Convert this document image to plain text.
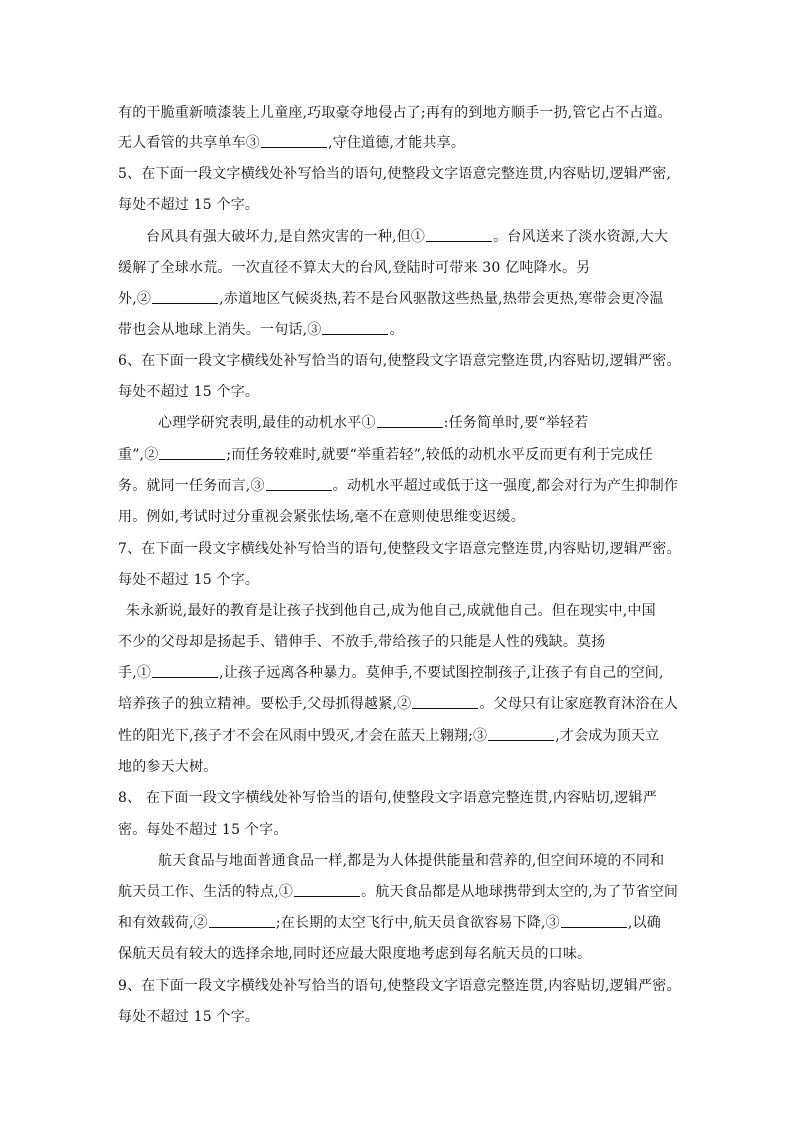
有的干脆重新喷漆装上儿童座,巧取豪夺地侵占了;再有的到地方顺手一扔,管它占不占道。
无人看管的共享单车③	,守住道德,才能共享。
5、在下面一段文字横线处补写恰当的语句,使整段文字语意完整连贯,内容贴切,逻辑严密,
每处不超过 15 个字。
台风具有强大破坏力,是自然灾害的一种,但①	。台风送来了淡水资源,大大
缓解了全球水荒。一次直径不算太大的台风,登陆时可带来 30 亿吨降水。另
外,②	,赤道地区气候炎热,若不是台风驱散这些热量,热带会更热,寒带会更冷温
带也会从地球上消失。一句话,③	。
6、在下面一段文字横线处补写恰当的语句,使整段文字语意完整连贯,内容贴切,逻辑严密。
每处不超过 15 个字。
心理学研究表明,最佳的动机水平①	:任务简单时,要“举轻若
重”,②	;而任务较难时,就要“举重若轻”,较低的动机水平反而更有利于完成任
务。就同一任务而言,③	。动机水平超过或低于这一强度,都会对行为产生抑制作
用。例如,考试时过分重视会紧张怯场,毫不在意则使思维变迟缓。
7、在下面一段文字横线处补写恰当的语句,使整段文字语意完整连贯,内容贴切,逻辑严密。
每处不超过 15 个字。
朱永新说,最好的教育是让孩子找到他自己,成为他自己,成就他自己。但在现实中,中国
不少的父母却是扬起手、错伸手、不放手,带给孩子的只能是人性的残缺。莫扬
手,①	,让孩子远离各种暴力。莫伸手,不要试图控制孩子,让孩子有自己的空间,
培养孩子的独立精神。要松手,父母抓得越紧,②	。父母只有让家庭教育沐浴在人
性的阳光下,孩子才不会在风雨中毁灭,才会在蓝天上翱翔;③	,才会成为顶天立
地的参天大树。
8、 在下面一段文字横线处补写恰当的语句,使整段文字语意完整连贯,内容贴切,逻辑严
密。每处不超过 15 个字。
航天食品与地面普通食品一样,都是为人体提供能量和营养的,但空间环境的不同和
航天员工作、生活的特点,①	。航天食品都是从地球携带到太空的,为了节省空间
和有效载荷,②	;在长期的太空飞行中,航天员食欲容易下降,③	,以确
保航天员有较大的选择余地,同时还应最大限度地考虑到每名航天员的口味。
9、在下面一段文字横线处补写恰当的语句,使整段文字语意完整连贯,内容贴切,逻辑严密。
每处不超过 15 个字。
